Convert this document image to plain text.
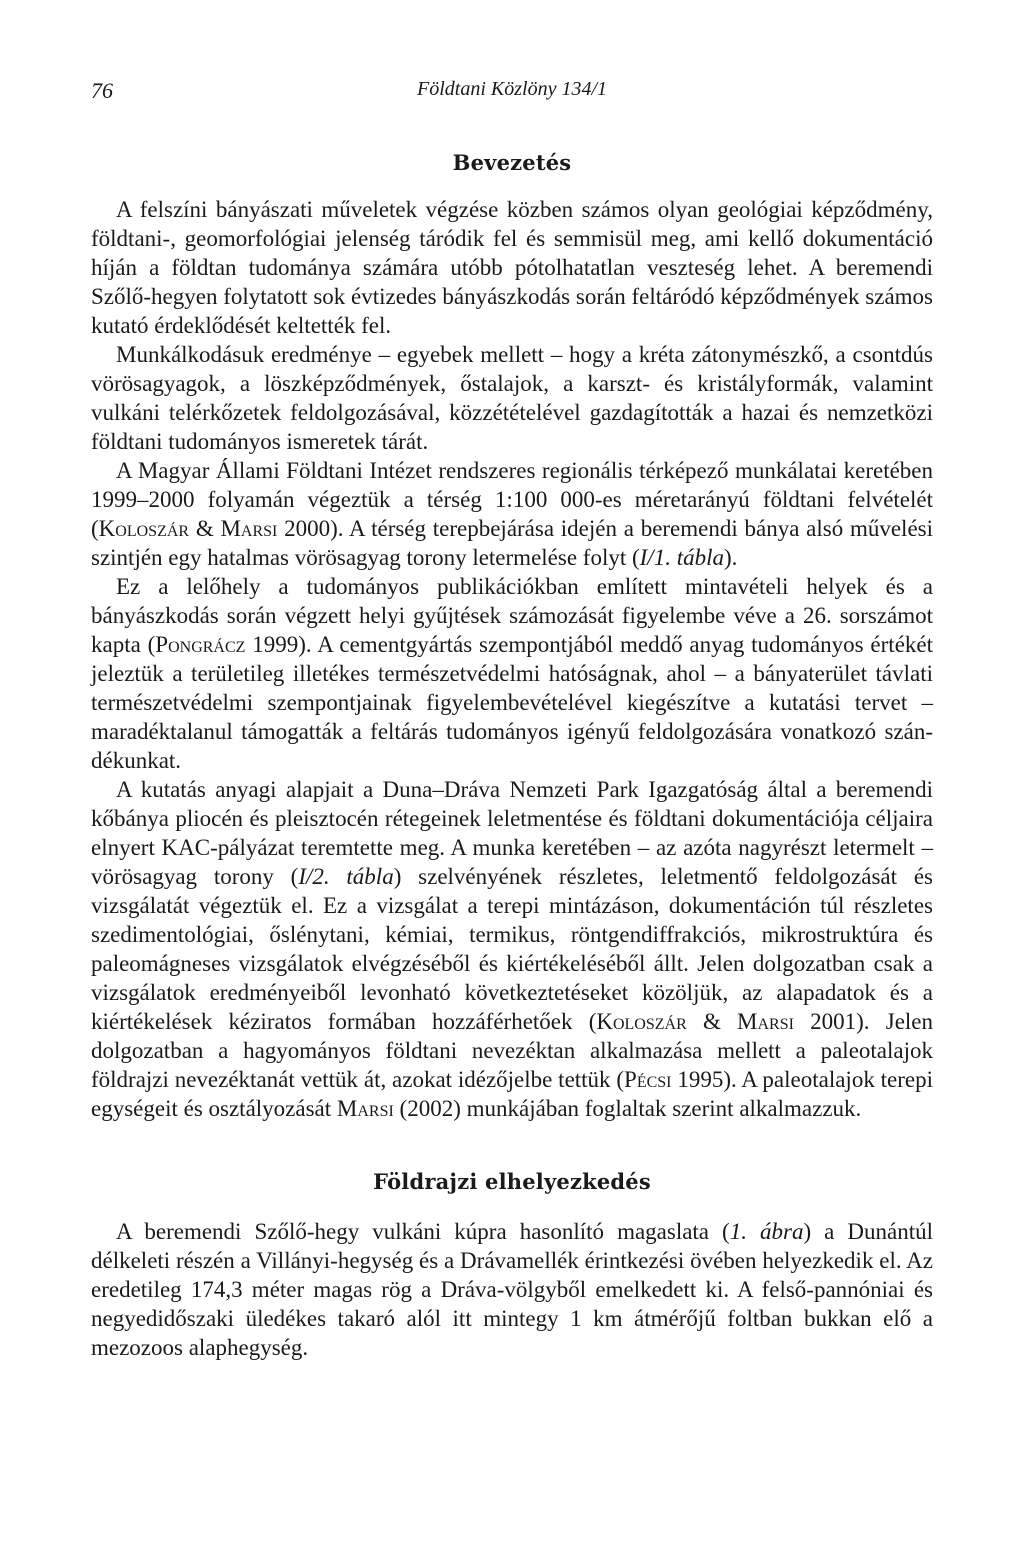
76	Földtani Közlöny 134/1
Bevezetés

A felszíni bányászati műveletek végzése közben számos olyan geológiai képződmény, földtani-, geomorfológiai jelenség táródik fel és semmisül meg, ami kellő dokumentáció híján a földtan tudománya számára utóbb pótolhatatlan veszteség lehet. A beremendi Szőlő-hegyen folytatott sok évtizedes bányászkodás során feltáródó képződmények számos kutató érdeklődését keltették fel.

Munkálkodásuk eredménye – egyebek mellett – hogy a kréta zátonymészkő, a csontdús vörösagyagok, a löszképződmények, őstalajok, a karszt- és kristályformák, valamint vulkáni telérkőzetek feldolgozásával, közzétételével gazdagították a hazai és nemzetközi földtani tudományos ismeretek tárát.

A Magyar Állami Földtani Intézet rendszeres regionális térképező munkálatai keretében 1999–2000 folyamán végeztük a térség 1:100 000-es méretarányú földtani felvételét (Koloszár & Marsi 2000). A térség terepbejárása idején a beremendi bánya alsó művelési szintjén egy hatalmas vörösagyag torony letermelése folyt (I/1. tábla).

Ez a lelőhely a tudományos publikációkban említett mintavételi helyek és a bányászkodás során végzett helyi gyűjtések számozását figyelembe véve a 26. sorszámot kapta (Pongrácz 1999). A cementgyártás szempontjából meddő anyag tudományos értékét jeleztük a területileg illetékes természetvédelmi hatóságnak, ahol – a bányaterület távlati természetvédelmi szempontjainak figyelembevételével kiegészítve a kutatási tervet – maradéktalanul támogatták a feltárás tudományos igényű feldolgozására vonatkozó szándékunkat.

A kutatás anyagi alapjait a Duna–Dráva Nemzeti Park Igazgatóság által a beremendi kőbánya pliocén és pleisztocén rétegeinek leletmentése és földtani dokumentációja céljaira elnyert KAC-pályázat teremtette meg. A munka keretében – az azóta nagyrészt letermelt – vörösagyag torony (I/2. tábla) szelvényének részletes, leletmentő feldolgozását és vizsgálatát végeztük el. Ez a vizsgálat a terepi mintázáson, dokumentáción túl részletes szedimentológiai, őslénytani, kémiai, termikus, röntgendiffrakciós, mikrostruktúra és paleomágneses vizsgálatok elvégzéséből és kiértékeléséből állt. Jelen dolgozatban csak a vizsgálatok eredményeiből levonható következtetéseket közöljük, az alapadatok és a kiértékelések kéziratos formában hozzáférhetőek (Koloszár & Marsi 2001). Jelen dolgozatban a hagyományos földtani nevezéktan alkalmazása mellett a paleotalajok földrajzi nevezéktanát vettük át, azokat idézőjelbe tettük (Pécsi 1995). A paleotalajok terepi egységeit és osztályozását Marsi (2002) munkájában foglaltak szerint alkalmazzuk.

Földrajzi elhelyezkedés

A beremendi Szőlő-hegy vulkáni kúpra hasonlító magaslata (1. ábra) a Dunántúl délkeleti részén a Villányi-hegység és a Drávamellék érintkezési övében helyezkedik el. Az eredetileg 174,3 méter magas rög a Dráva-völgyből emelkedett ki. A felső-pannóniai és negyedidőszaki üledékes takaró alól itt mintegy 1 km átmérőjű foltban bukkan elő a mezozoos alaphegység.
